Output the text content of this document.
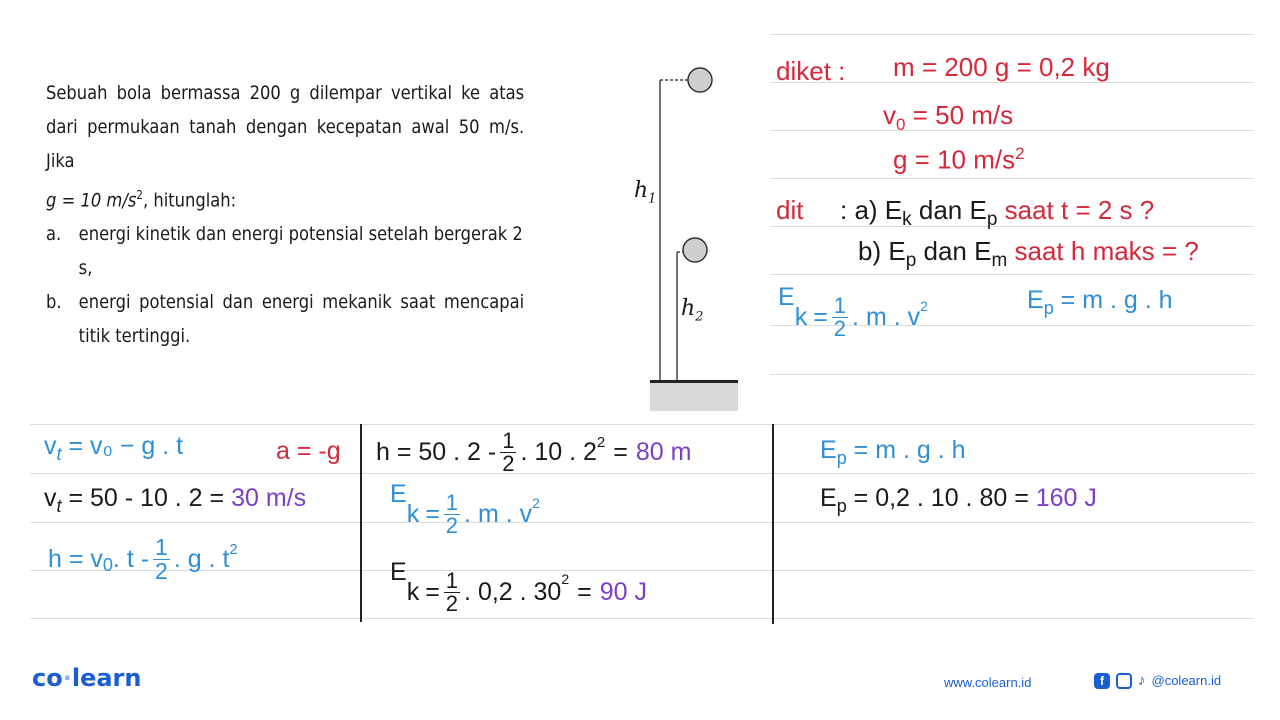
Sebuah bola bermassa 200 g dilempar vertikal ke atas dari permukaan tanah dengan kecepatan awal 50 m/s. Jika

g = 10 $m/s^2$, hitunglah:

a. energi kinetik dan energi potensial setelah bergerak 2 s,
b. energi potensial dan energi mekanik saat mencapai titik tertinggi.
$h_1$
$h_2$
diket : m = 200 g = 0,2 kg
$v_0 = 50$ m/s
g = 10 $m/s^2$
dit : a) $E_k$ dan $E_p$ saat t = 2 s ?
b) $E_p$ dan $E_m$ saat h maks = ?
E
$k = \frac{1}{2}$ . m . $v^2$	$E_p = m$ . g . h
$v_t = v_0 - g$ . t	a = -g
$v_t = 50 - 10$ . 2 = 30 m/s
$h = v_0$ . t - $\frac{1}{2}$ . g . $t^2$
h = 50 . $2 - \frac{1}{2}$ . 10 . $2^2 = 80$ m
E
$k = \frac{1}{2}$ . m . $v^2$
E
$k = \frac{1}{2}$ . 0,2 . $30^2 = 90$ J
$E_p = m$ . g . h
$E_p = 0,2$ . 10 . 80 = 160 J
co·learn	www.colearn.id	f	♪ @colearn.id
